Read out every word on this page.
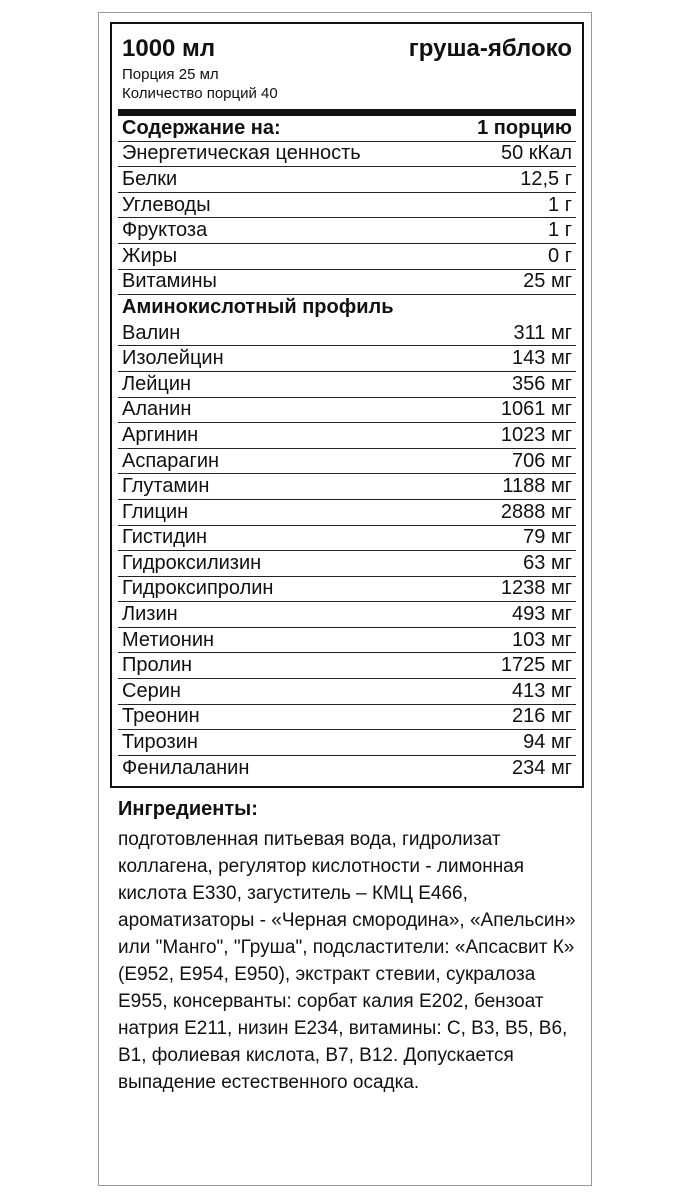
1000 мл	груша-яблоко
Порция 25 мл
Количество порций 40
Содержание на:	1 порцию
Энергетическая ценность	50 кКал
Белки	12,5 г
Углеводы	1 г
Фруктоза	1 г
Жиры	0 г
Витамины	25 мг
Аминокислотный профиль
Валин	311 мг
Изолейцин	143 мг
Лейцин	356 мг
Аланин	1061 мг
Аргинин	1023 мг
Аспарагин	706 мг
Глутамин	1188 мг
Глицин	2888 мг
Гистидин	79 мг
Гидроксилизин	63 мг
Гидроксипролин	1238 мг
Лизин	493 мг
Метионин	103 мг
Пролин	1725 мг
Серин	413 мг
Треонин	216 мг
Тирозин	94 мг
Фенилаланин	234 мг
Ингредиенты:
подготовленная питьевая вода, гидролизат коллагена, регулятор кислотности - лимонная кислота E330, загуститель – КМЦ E466, ароматизаторы - «Черная смородина», «Апельсин» или "Манго", "Груша", подсластители: «Апсасвит К» (E952, E954, E950), экстракт стевии, сукралоза E955, консерванты: сорбат калия E202, бензоат натрия E211, низин E234, витамины: C, B3, B5, B6, B1, фолиевая кислота, B7, B12. Допускается выпадение естественного осадка.
